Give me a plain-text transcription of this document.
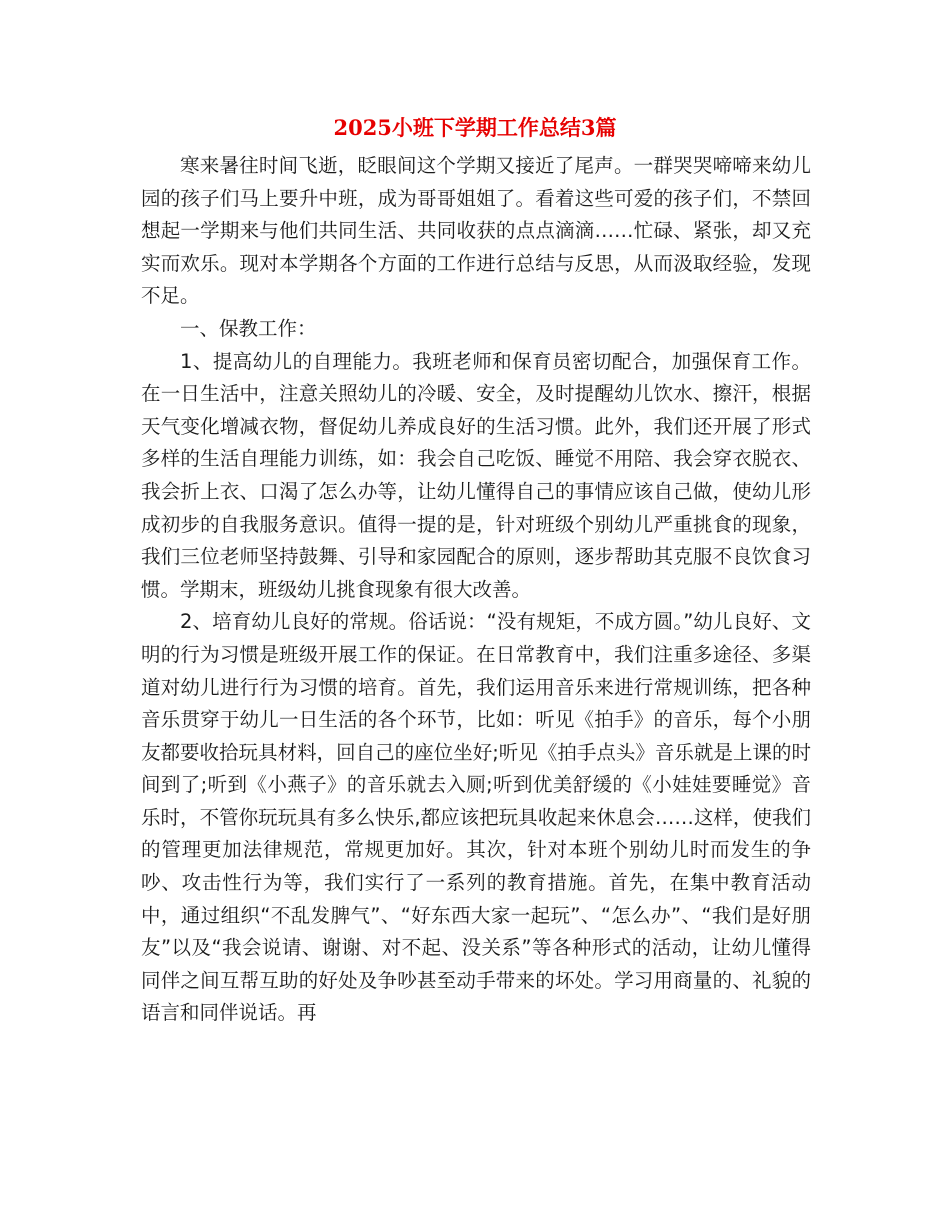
2025小班下学期工作总结3篇

寒来暑往时间飞逝，眨眼间这个学期又接近了尾声。一群哭哭啼啼来幼儿园的孩子们马上要升中班，成为哥哥姐姐了。看着这些可爱的孩子们，不禁回想起一学期来与他们共同生活、共同收获的点点滴滴……忙碌、紧张，却又充实而欢乐。现对本学期各个方面的工作进行总结与反思，从而汲取经验，发现不足。

一、保教工作：

1、提高幼儿的自理能力。我班老师和保育员密切配合，加强保育工作。在一日生活中，注意关照幼儿的冷暖、安全，及时提醒幼儿饮水、擦汗，根据天气变化增减衣物，督促幼儿养成良好的生活习惯。此外，我们还开展了形式多样的生活自理能力训练，如：我会自己吃饭、睡觉不用陪、我会穿衣脱衣、我会折上衣、口渴了怎么办等，让幼儿懂得自己的事情应该自己做，使幼儿形成初步的自我服务意识。值得一提的是，针对班级个别幼儿严重挑食的现象，我们三位老师坚持鼓舞、引导和家园配合的原则，逐步帮助其克服不良饮食习惯。学期末，班级幼儿挑食现象有很大改善。

2、培育幼儿良好的常规。俗话说：“没有规矩，不成方圆。”幼儿良好、文明的行为习惯是班级开展工作的保证。在日常教育中，我们注重多途径、多渠道对幼儿进行行为习惯的培育。首先，我们运用音乐来进行常规训练，把各种音乐贯穿于幼儿一日生活的各个环节，比如：听见《拍手》的音乐，每个小朋友都要收拾玩具材料，回自己的座位坐好;听见《拍手点头》音乐就是上课的时间到了;听到《小燕子》的音乐就去入厕;听到优美舒缓的《小娃娃要睡觉》音乐时，不管你玩玩具有多么快乐,都应该把玩具收起来休息会……这样，使我们的管理更加法律规范，常规更加好。其次，针对本班个别幼儿时而发生的争吵、攻击性行为等，我们实行了一系列的教育措施。首先，在集中教育活动中，通过组织“不乱发脾气”、“好东西大家一起玩”、“怎么办”、“我们是好朋友”以及“我会说请、谢谢、对不起、没关系”等各种形式的活动，让幼儿懂得同伴之间互帮互助的好处及争吵甚至动手带来的坏处。学习用商量的、礼貌的语言和同伴说话。再
